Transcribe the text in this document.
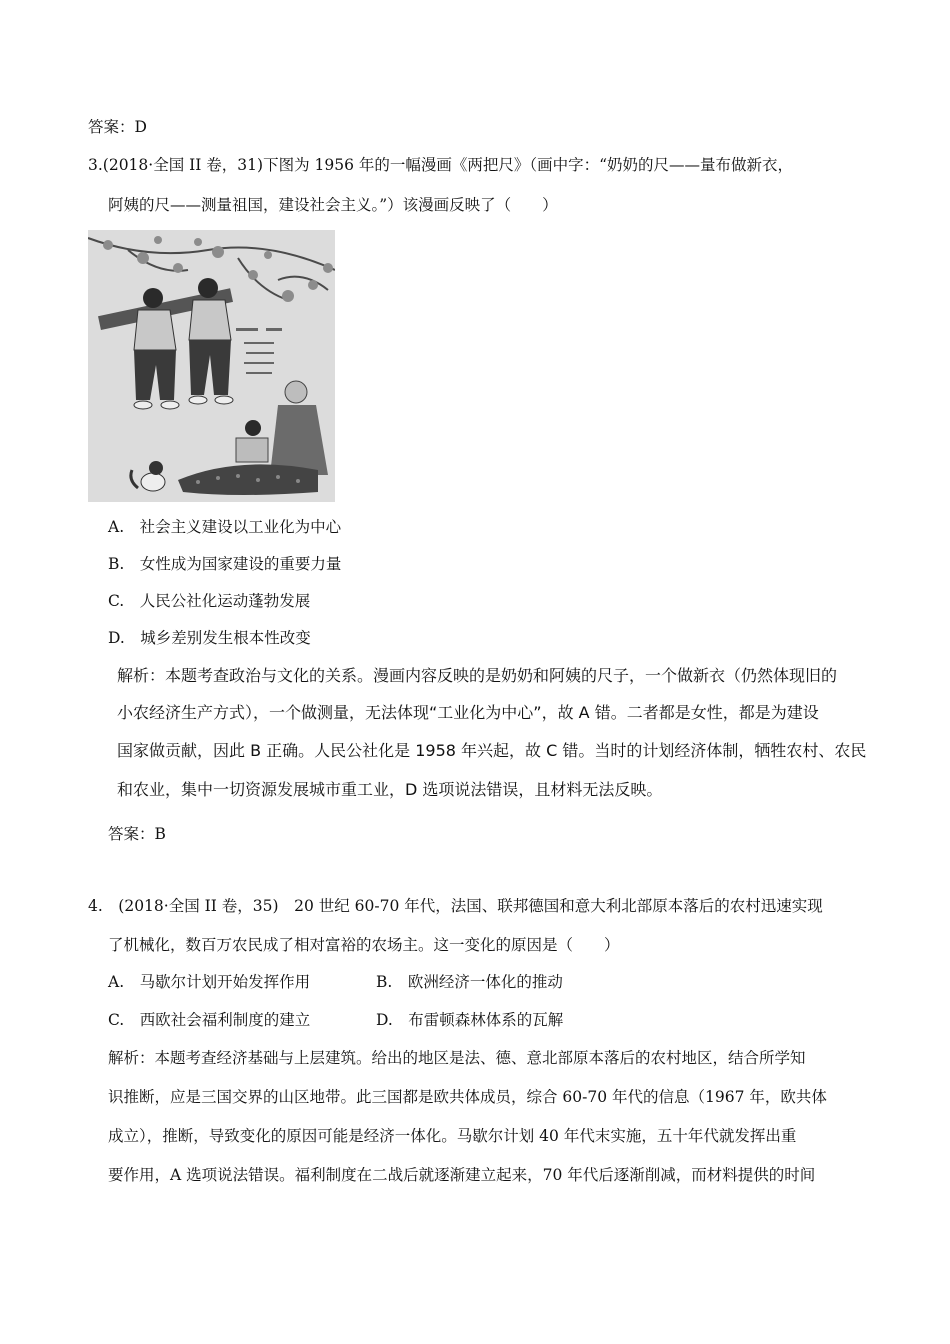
答案：D
3.(2018·全国 II 卷，31)下图为 1956 年的一幅漫画《两把尺》（画中字：“奶奶的尺——量布做新衣，
阿姨的尺——测量祖国，建设社会主义。”）该漫画反映了（　　）
A.　社会主义建设以工业化为中心
B.　女性成为国家建设的重要力量
C.　人民公社化运动蓬勃发展
D.　城乡差别发生根本性改变
解析：本题考查政治与文化的关系。漫画内容反映的是奶奶和阿姨的尺子，一个做新衣（仍然体现旧的
小农经济生产方式），一个做测量，无法体现“工业化为中心”，故 A 错。二者都是女性，都是为建设
国家做贡献，因此 B 正确。人民公社化是 1958 年兴起，故 C 错。当时的计划经济体制，牺牲农村、农民
和农业，集中一切资源发展城市重工业，D 选项说法错误，且材料无法反映。
答案：B
4.　(2018·全国 II 卷，35)　20 世纪 60-70 年代，法国、联邦德国和意大利北部原本落后的农村迅速实现
了机械化，数百万农民成了相对富裕的农场主。这一变化的原因是（　　）
A.　马歇尔计划开始发挥作用	B.　欧洲经济一体化的推动
C.　西欧社会福利制度的建立	D.　布雷顿森林体系的瓦解
解析：本题考查经济基础与上层建筑。给出的地区是法、德、意北部原本落后的农村地区，结合所学知
识推断，应是三国交界的山区地带。此三国都是欧共体成员，综合 60-70 年代的信息（1967 年，欧共体
成立），推断，导致变化的原因可能是经济一体化。马歇尔计划 40 年代末实施，五十年代就发挥出重
要作用，A 选项说法错误。福利制度在二战后就逐渐建立起来，70 年代后逐渐削减，而材料提供的时间
